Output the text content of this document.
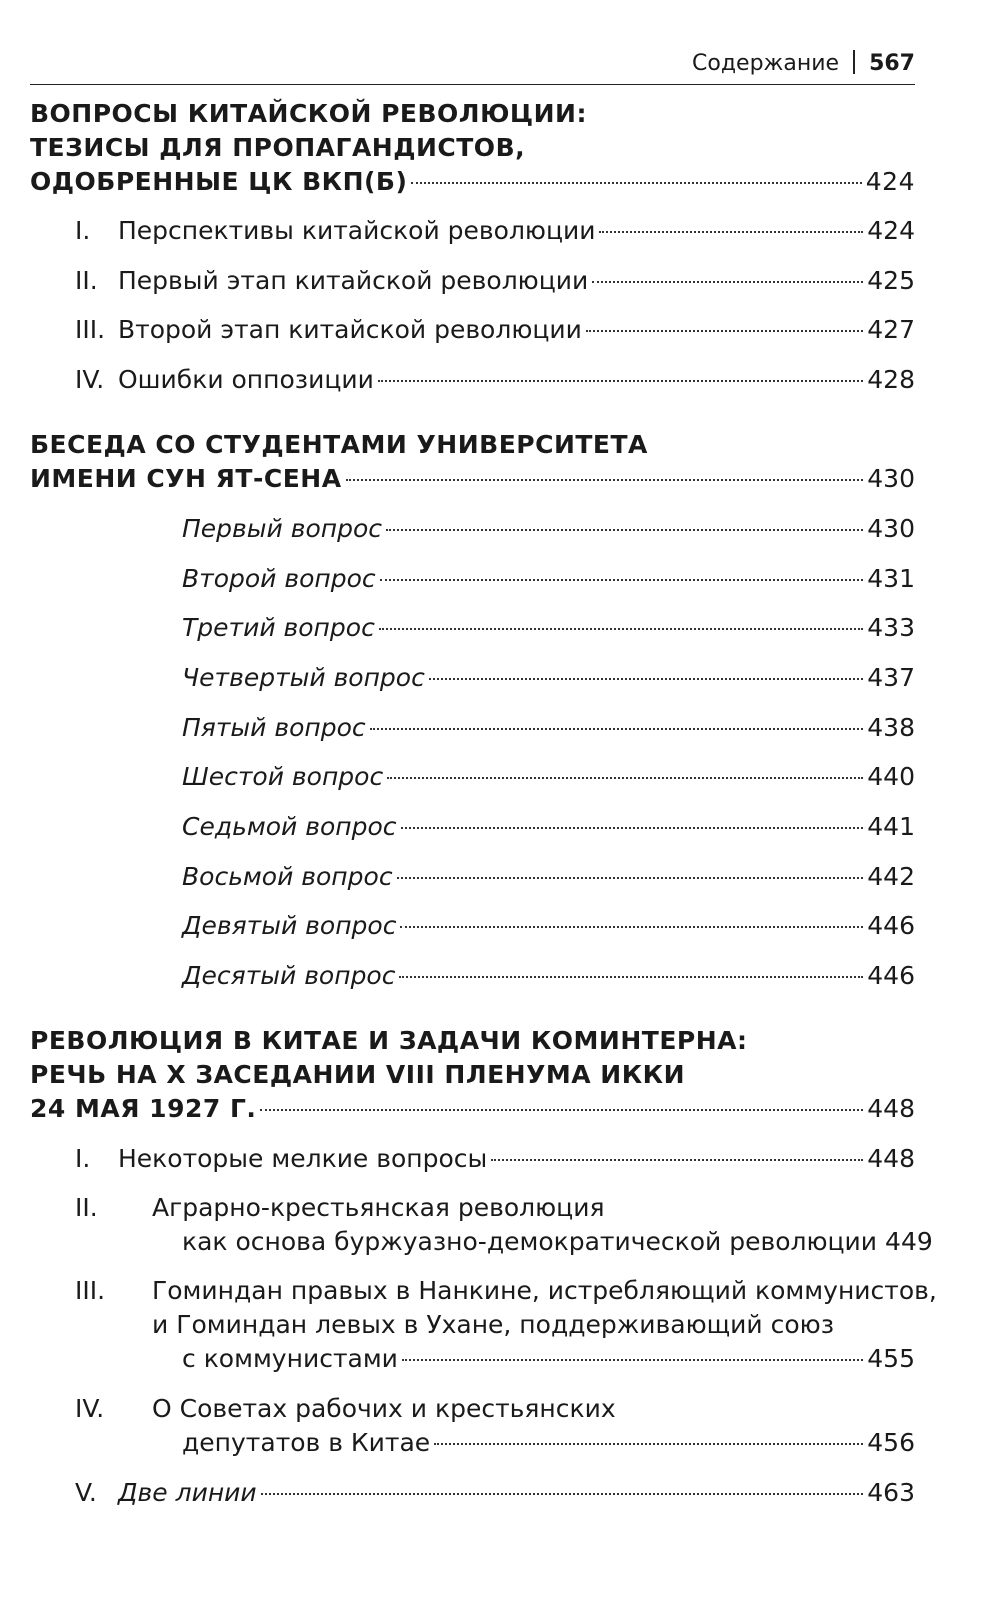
Содержание 567
ВОПРОСЫ КИТАЙСКОЙ РЕВОЛЮЦИИ:
ТЕЗИСЫ ДЛЯ ПРОПАГАНДИСТОВ,
ОДОБРЕННЫЕ ЦК ВКП(Б)	424
I.	Перспективы китайской революции	424
II. Первый этап китайской революции	425
III. Второй этап китайской революции	427
IV. Ошибки оппозиции	428
БЕСЕДА СО СТУДЕНТАМИ УНИВЕРСИТЕТА
ИМЕНИ СУН ЯТ-СЕНА	430
Первый вопрос	430
Второй вопрос	431
Третий вопрос	433
Четвертый вопрос	437
Пятый вопрос	438
Шестой вопрос	440
Седьмой вопрос	441
Восьмой вопрос	442
Девятый вопрос	446
Десятый вопрос	446
РЕВОЛЮЦИЯ В КИТАЕ И ЗАДАЧИ КОМИНТЕРНА:
РЕЧЬ НА X ЗАСЕДАНИИ VIII ПЛЕНУМА ИККИ
24 МАЯ 1927 Г.	448
I.	Некоторые мелкие вопросы	448
II. Аграрно-крестьянская революция
как основа буржуазно-демократической революции 449
III. Гоминдан правых в Нанкине, истребляющий коммунистов,
и Гоминдан левых в Ухане, поддерживающий союз
с коммунистами	455
IV. О Советах рабочих и крестьянских
депутатов в Китае	456
V. Две линии	463
